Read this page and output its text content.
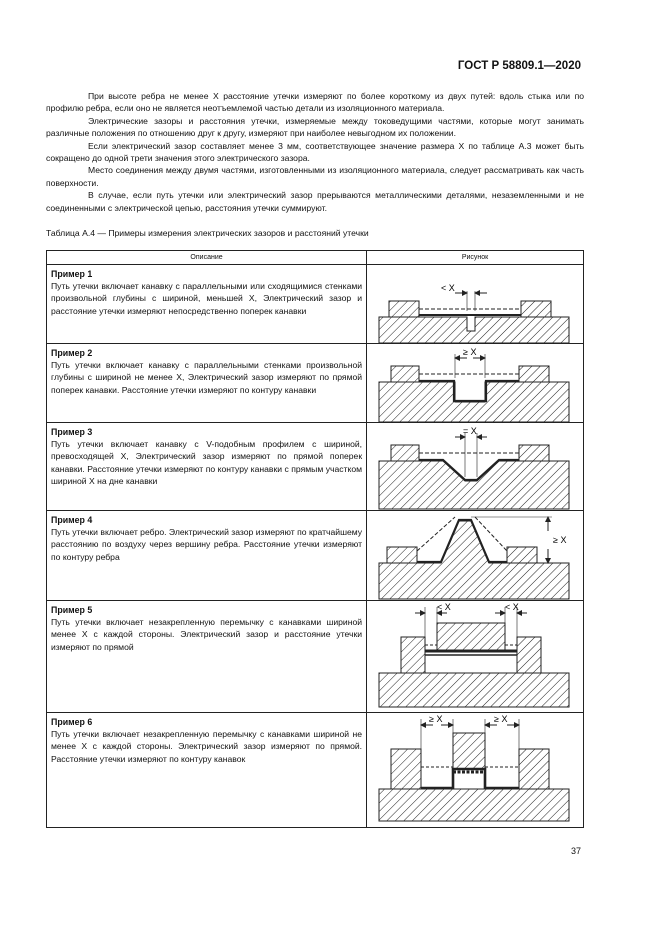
ГОСТ Р 58809.1—2020

При высоте ребра не менее X расстояние утечки измеряют по более короткому из двух путей: вдоль стыка или по профилю ребра, если оно не является неотъемлемой частью детали из изоляционного материала.

Электрические зазоры и расстояния утечки, измеряемые между токоведущими частями, которые могут занимать различные положения по отношению друг к другу, измеряют при наиболее невыгодном их положении.

Если электрический зазор составляет менее 3 мм, соответствующее значение размера X по таблице А.3 может быть сокращено до одной трети значения этого электрического зазора.

Место соединения между двумя частями, изготовленными из изоляционного материала, следует рассматривать как часть поверхности.

В случае, если путь утечки или электрический зазор прерываются металлическими деталями, незаземленными и не соединенными с электрической цепью, расстояния утечки суммируют.

Таблица А.4 — Примеры измерения электрических зазоров и расстояний утечки
Описание	Рисунок

Пример 1
Путь утечки включает канавку с параллельными или сходящимися стенками произвольной глубины с шириной, меньшей X, Электрический зазор и расстояние утечки измеряют непосредственно поперек канавки	< X

Пример 2
Путь утечки включает канавку с параллельными стенками произвольной глубины с шириной не менее X, Электрический зазор измеряют по прямой поперек канавки. Расстояние утечки измеряют по контуру канавки	≥ X

Пример 3
Путь утечки включает канавку с V-подобным профилем с шириной, превосходящей X, Электрический зазор измеряют по прямой поперек канавки. Расстояние утечки измеряют по контуру канавки с прямым участком шириной X на дне канавки	= X

Пример 4
Путь утечки включает ребро. Электрический зазор измеряют по кратчайшему расстоянию по воздуху через вершину ребра. Расстояние утечки измеряют по контуру ребра	≥ X

Пример 5
Путь утечки включает незакрепленную перемычку с канавками шириной менее X с каждой стороны. Электрический зазор и расстояние утечки измеряют по прямой	< X < X

Пример 6
Путь утечки включает незакрепленную перемычку с канавками шириной не менее X с каждой стороны. Электрический зазор измеряют по прямой. Расстояние утечки измеряют по контуру канавок	≥ X ≥ X
37
